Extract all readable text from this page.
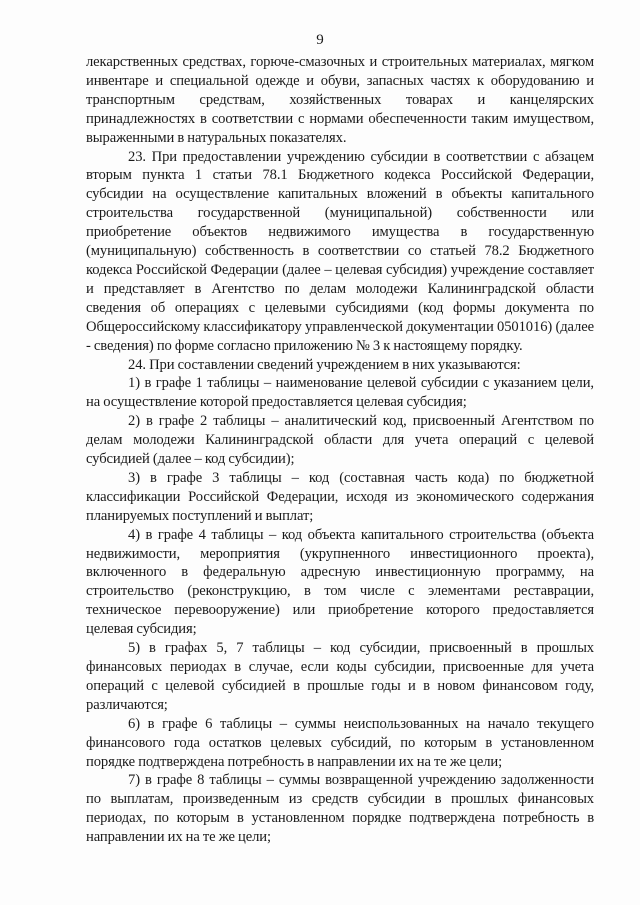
9

лекарственных средствах, горюче-смазочных и строительных материалах, мягком инвентаре и специальной одежде и обуви, запасных частях к оборудованию и транспортным средствам, хозяйственных товарах и канцелярских принадлежностях в соответствии с нормами обеспеченности таким имуществом, выраженными в натуральных показателях.

23. При предоставлении учреждению субсидии в соответствии с абзацем вторым пункта 1 статьи 78.1 Бюджетного кодекса Российской Федерации, субсидии на осуществление капитальных вложений в объекты капитального строительства государственной (муниципальной) собственности или приобретение объектов недвижимого имущества в государственную (муниципальную) собственность в соответствии со статьей 78.2 Бюджетного кодекса Российской Федерации (далее – целевая субсидия) учреждение составляет и представляет в Агентство по делам молодежи Калининградской области сведения об операциях с целевыми субсидиями (код формы документа по Общероссийскому классификатору управленческой документации 0501016) (далее - сведения) по форме согласно приложению № 3 к настоящему порядку.

24. При составлении сведений учреждением в них указываются:

1) в графе 1 таблицы – наименование целевой субсидии с указанием цели, на осуществление которой предоставляется целевая субсидия;

2) в графе 2 таблицы – аналитический код, присвоенный Агентством по делам молодежи Калининградской области для учета операций с целевой субсидией (далее – код субсидии);

3) в графе 3 таблицы – код (составная часть кода) по бюджетной классификации Российской Федерации, исходя из экономического содержания планируемых поступлений и выплат;

4) в графе 4 таблицы – код объекта капитального строительства (объекта недвижимости, мероприятия (укрупненного инвестиционного проекта), включенного в федеральную адресную инвестиционную программу, на строительство (реконструкцию, в том числе с элементами реставрации, техническое перевооружение) или приобретение которого предоставляется целевая субсидия;

5) в графах 5, 7 таблицы – код субсидии, присвоенный в прошлых финансовых периодах в случае, если коды субсидии, присвоенные для учета операций с целевой субсидией в прошлые годы и в новом финансовом году, различаются;

6) в графе 6 таблицы – суммы неиспользованных на начало текущего финансового года остатков целевых субсидий, по которым в установленном порядке подтверждена потребность в направлении их на те же цели;

7) в графе 8 таблицы – суммы возвращенной учреждению задолженности по выплатам, произведенным из средств субсидии в прошлых финансовых периодах, по которым в установленном порядке подтверждена потребность в направлении их на те же цели;
